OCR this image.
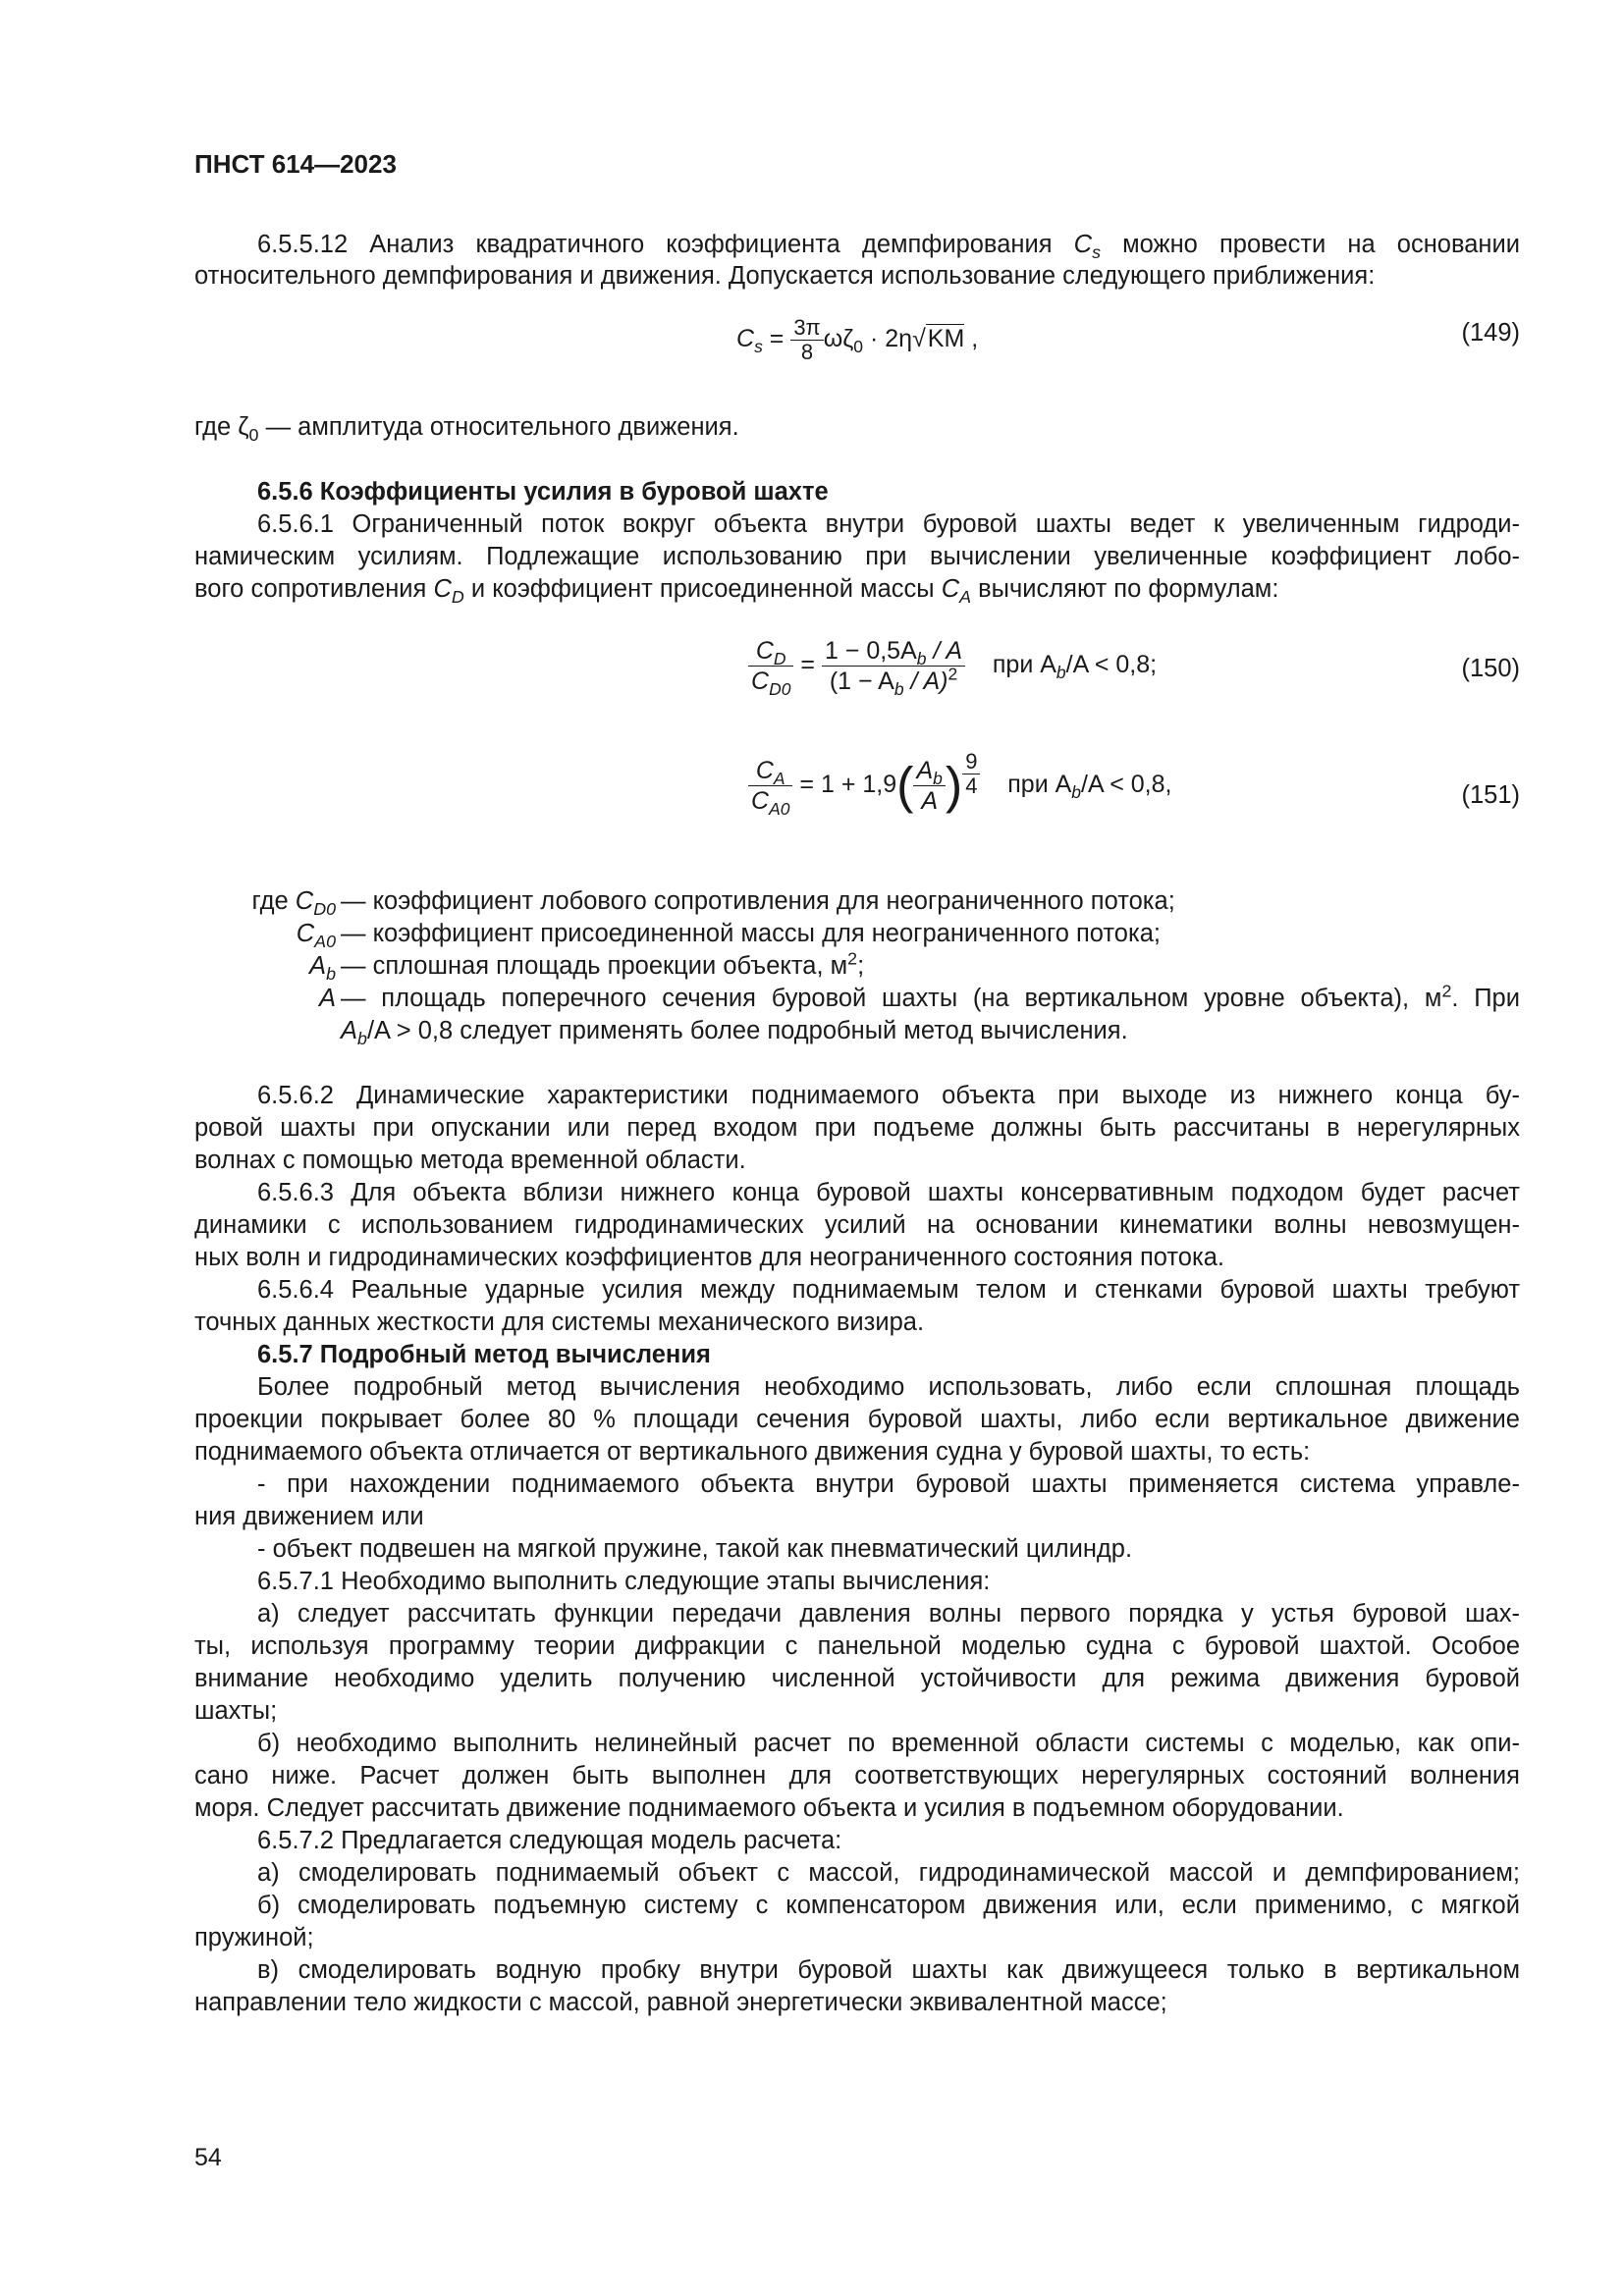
ПНСТ 614—2023

6.5.5.12 Анализ квадратичного коэффициента демпфирования $C_s$ можно провести на основании

относительного демпфирования и движения. Допускается использование следующего приближения:

$C_s = \frac{3\pi}{8} \omega\zeta_0 \cdot 2\eta√KM$ ,	(149)

где $\zeta_0$ — амплитуда относительного движения.

6.5.6 Коэффициенты усилия в буровой шахте

6.5.6.1 Ограниченный поток вокруг объекта внутри буровой шахты ведет к увеличенным гидроди-

намическим усилиям. Подлежащие использованию при вычислении увеличенные коэффициент лобо-

вого сопротивления $C_D$ и коэффициент присоединенной массы $C_A$ вычисляют по формулам:

$\frac{C_D}{C_{D0}} = \frac{1 - 0,5A_b / A}{(1 - A_b / A)^2}$ при $A_b/A < 0,8$;	(150)
$\frac{C_A}{C_{A0}} = 1 + 1,9( \frac{A_b}{A}$ ) $\frac{9}{4}$ при $A_b/A < 0,8$,	(151)
где $C_{D0}$ — коэффициент лобового сопротивления для неограниченного потока;
$C_{A0}$ — коэффициент присоединенной массы для неограниченного потока;
$A_b$ — сплошная площадь проекции объекта, $м^2$;
A — площадь поперечного сечения буровой шахты (на вертикальном уровне объекта), $м^2$. При
$A_b/A > 0,8$ следует применять более подробный метод вычисления.

6.5.6.2 Динамические характеристики поднимаемого объекта при выходе из нижнего конца бу-

ровой шахты при опускании или перед входом при подъеме должны быть рассчитаны в нерегулярных

волнах с помощью метода временной области.

6.5.6.3 Для объекта вблизи нижнего конца буровой шахты консервативным подходом будет расчет

динамики с использованием гидродинамических усилий на основании кинематики волны невозмущен-

ных волн и гидродинамических коэффициентов для неограниченного состояния потока.

6.5.6.4 Реальные ударные усилия между поднимаемым телом и стенками буровой шахты требуют

точных данных жесткости для системы механического визира.

6.5.7 Подробный метод вычисления

Более подробный метод вычисления необходимо использовать, либо если сплошная площадь

проекции покрывает более 80 % площади сечения буровой шахты, либо если вертикальное движение

поднимаемого объекта отличается от вертикального движения судна у буровой шахты, то есть:

- при нахождении поднимаемого объекта внутри буровой шахты применяется система управле-

ния движением или

- объект подвешен на мягкой пружине, такой как пневматический цилиндр.

6.5.7.1 Необходимо выполнить следующие этапы вычисления:

а) следует рассчитать функции передачи давления волны первого порядка у устья буровой шах-

ты, используя программу теории дифракции с панельной моделью судна с буровой шахтой. Особое

внимание необходимо уделить получению численной устойчивости для режима движения буровой

шахты;

б) необходимо выполнить нелинейный расчет по временной области системы с моделью, как опи-

сано ниже. Расчет должен быть выполнен для соответствующих нерегулярных состояний волнения

моря. Следует рассчитать движение поднимаемого объекта и усилия в подъемном оборудовании.

6.5.7.2 Предлагается следующая модель расчета:

а) смоделировать поднимаемый объект с массой, гидродинамической массой и демпфированием;

б) смоделировать подъемную систему с компенсатором движения или, если применимо, с мягкой

пружиной;

в) смоделировать водную пробку внутри буровой шахты как движущееся только в вертикальном

направлении тело жидкости с массой, равной энергетически эквивалентной массе;

54
